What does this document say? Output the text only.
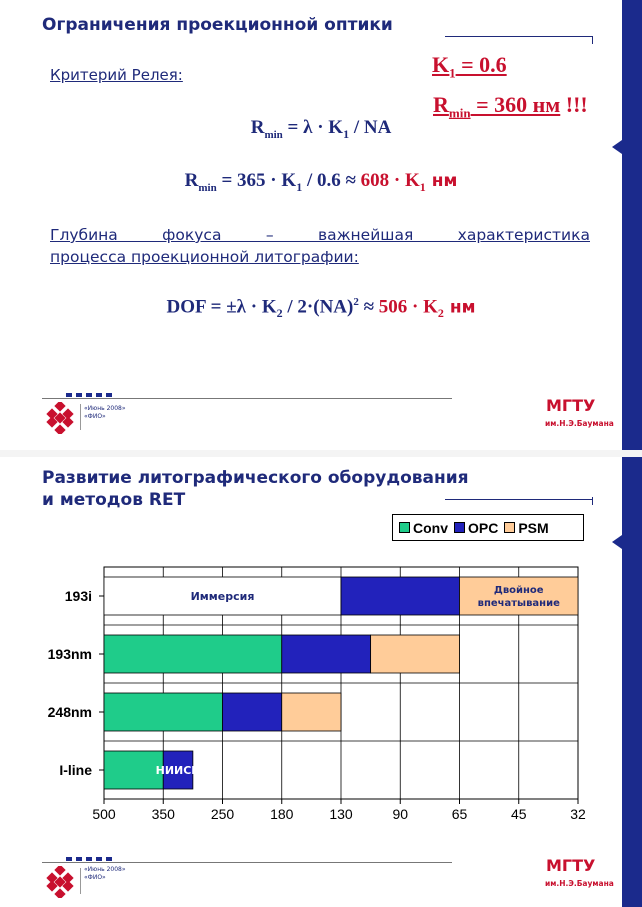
Ограничения проекционной оптики
Критерий Релея:	$K_1 = 0.6$
$R_{min} = 360$ нм !!!
$R_{min} = \lambda \cdot K_1$ / NA
$R_{min} = 365 \cdot K_1 / 0.6 \approx 608 \cdot K_1$ нм
Глубина фокуса – важнейшая характеристика
процесса проекционной литографии:
DOF = $\pm\lambda \cdot K_2 / 2\cdot(NA)^2 \approx 506 \cdot K_2$ нм
«Июнь 2008»
«ФИО»
МГТУ
им.Н.Э.Баумана
Развитие литографического оборудования
и методов RET
Conv OPC PSM
500	350	250	180	130	90	65	45	32
193i	Иммерсия	Двойное
впечатывание
193nm
248nm
I-line	НИИСИ
«Июнь 2008»
«ФИО»
МГТУ
им.Н.Э.Баумана
